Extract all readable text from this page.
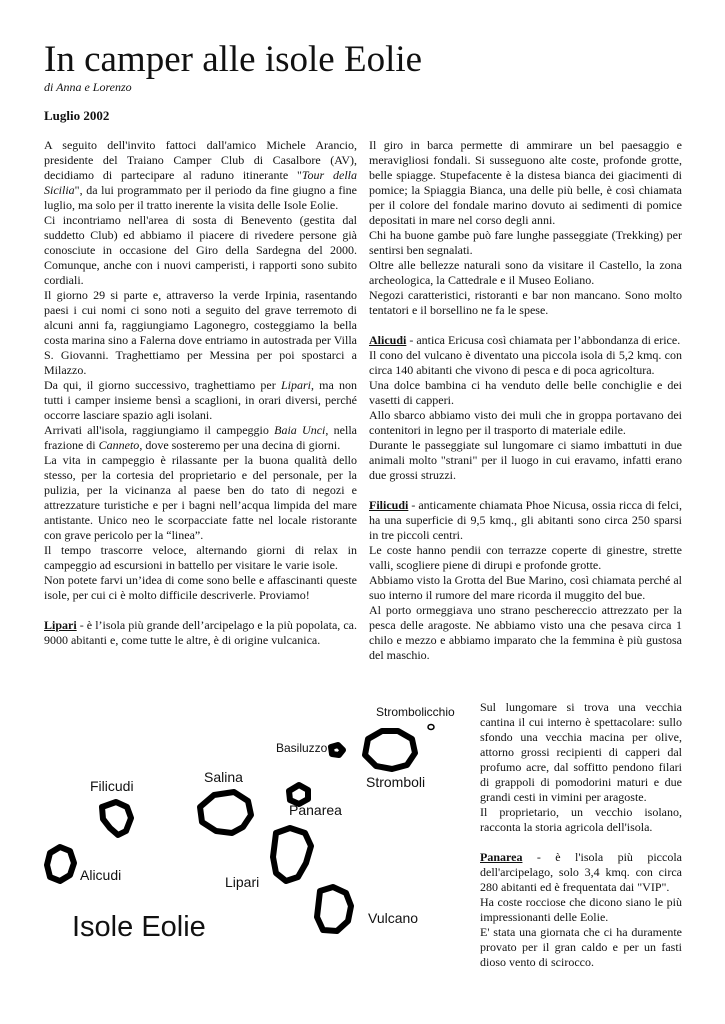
In camper alle isole Eolie
di Anna e Lorenzo
Luglio 2002

A seguito dell'invito fattoci dall'amico Michele Arancio, presidente del Traiano Camper Club di Casalbore (AV), decidiamo di partecipare al raduno itinerante "Tour della Sicilia", da lui programmato per il periodo da fine giugno a fine luglio, ma solo per il tratto inerente la visita delle Isole Eolie.

Ci incontriamo nell'area di sosta di Benevento (gestita dal suddetto Club) ed abbiamo il piacere di rivedere persone già conosciute in occasione del Giro della Sardegna del 2000. Comunque, anche con i nuovi camperisti, i rapporti sono subito cordiali.

Il giorno 29 si parte e, attraverso la verde Irpinia, rasentando paesi i cui nomi ci sono noti a seguito del grave terremoto di alcuni anni fa, raggiungiamo Lagonegro, costeggiamo la bella costa marina sino a Falerna dove entriamo in autostrada per Villa S. Giovanni. Traghettiamo per Messina per poi spostarci a Milazzo.

Da qui, il giorno successivo, traghettiamo per Lipari, ma non tutti i camper insieme bensì a scaglioni, in orari diversi, perché occorre lasciare spazio agli isolani.

Arrivati all'isola, raggiungiamo il campeggio Baia Unci, nella frazione di Canneto, dove sosteremo per una decina di giorni.

La vita in campeggio è rilassante per la buona qualità dello stesso, per la cortesia del proprietario e del personale, per la pulizia, per la vicinanza al paese ben do tato di negozi e attrezzature turistiche e per i bagni nell’acqua limpida del mare antistante. Unico neo le scorpacciate fatte nel locale ristorante con grave pericolo per la “linea”.

Il tempo trascorre veloce, alternando giorni di relax in campeggio ad escursioni in battello per visitare le varie isole.

Non potete farvi un’idea di come sono belle e affascinanti queste isole, per cui ci è molto difficile descriverle. Proviamo!

Lipari - è l’isola più grande dell’arcipelago e la più popolata, ca. 9000 abitanti e, come tutte le altre, è di origine vulcanica.

Il giro in barca permette di ammirare un bel paesaggio e meravigliosi fondali. Si susseguono alte coste, profonde grotte, belle spiagge. Stupefacente è la distesa bianca dei giacimenti di pomice; la Spiaggia Bianca, una delle più belle, è così chiamata per il colore del fondale marino dovuto ai sedimenti di pomice depositati in mare nel corso degli anni.

Chi ha buone gambe può fare lunghe passeggiate (Trekking) per sentirsi ben segnalati.

Oltre alle bellezze naturali sono da visitare il Castello, la zona archeologica, la Cattedrale e il Museo Eoliano.

Negozi caratteristici, ristoranti e bar non mancano. Sono molto tentatori e il borsellino ne fa le spese.

Alicudi - antica Ericusa così chiamata per l’abbondanza di erice.

Il cono del vulcano è diventato una piccola isola di 5,2 kmq. con circa 140 abitanti che vivono di pesca e di poca agricoltura.

Una dolce bambina ci ha venduto delle belle conchiglie e dei vasetti di capperi.

Allo sbarco abbiamo visto dei muli che in groppa portavano dei contenitori in legno per il trasporto di materiale edile.

Durante le passeggiate sul lungomare ci siamo imbattuti in due animali molto "strani" per il luogo in cui eravamo, infatti erano due grossi struzzi.

Filicudi - anticamente chiamata Phoe Nicusa, ossia ricca di felci, ha una superficie di 9,5 kmq., gli abitanti sono circa 250 sparsi in tre piccoli centri.

Le coste hanno pendii con terrazze coperte di ginestre, strette valli, scogliere piene di dirupi e profonde grotte.

Abbiamo visto la Grotta del Bue Marino, così chiamata perché al suo interno il rumore del mare ricorda il muggito del bue.

Al porto ormeggiava uno strano peschereccio attrezzato per la pesca delle aragoste. Ne abbiamo visto una che pesava circa 1 chilo e mezzo e abbiamo imparato che la femmina è più gustosa del maschio.

Sul lungomare si trova una vecchia cantina il cui interno è spettacolare: sullo sfondo una vecchia macina per olive, attorno grossi recipienti di capperi dal profumo acre, dal soffitto pendono filari di grappoli di pomodorini maturi e due grandi cesti in vimini per aragoste.

Il proprietario, un vecchio isolano, racconta la storia agricola dell'isola.

Panarea - è l'isola più piccola dell'arcipelago, solo 3,4 kmq. con circa 280 abitanti ed è frequentata dai "VIP".

Ha coste rocciose che dicono siano le più impressionanti delle Eolie.

E' stata una giornata che ci ha duramente provato per il gran caldo e per un fasti dioso vento di scirocco.

Strombolicchio
Basiluzzo
Salina
Filicudi	Stromboli
Panarea
Alicudi	Lipari
Vulcano
Isole Eolie
